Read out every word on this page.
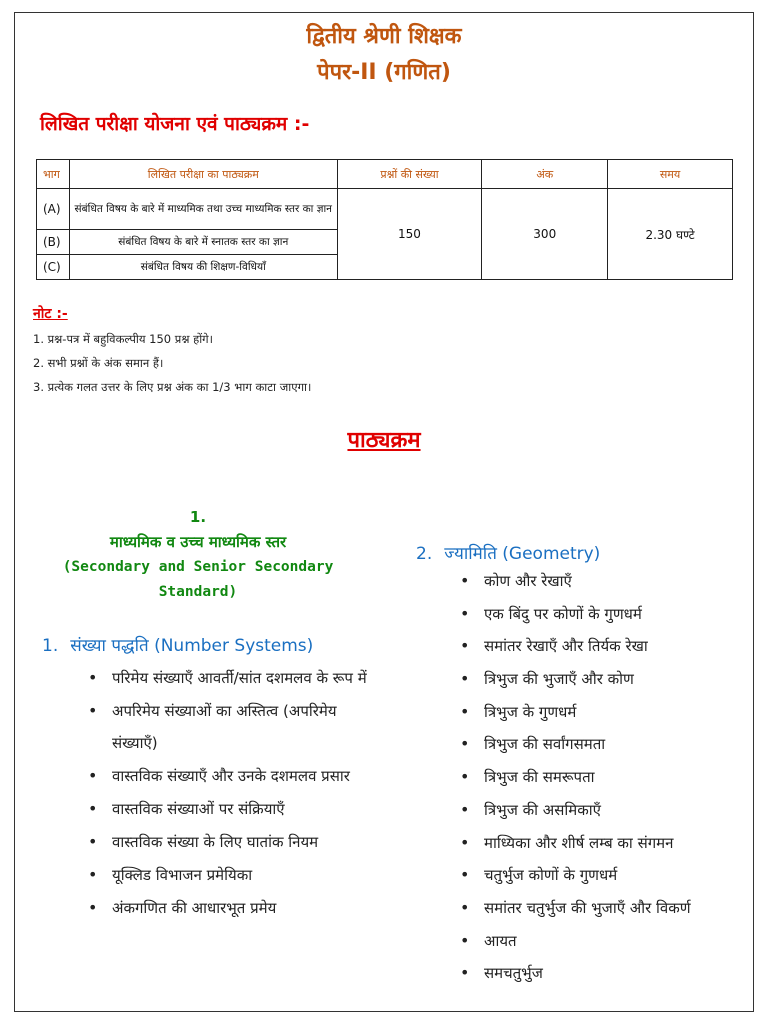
द्वितीय श्रेणी शिक्षक
पेपर-II (गणित)
लिखित परीक्षा योजना एवं पाठ्यक्रम :-
भाग	लिखित परीक्षा का पाठ्यक्रम	प्रश्नों की संख्या	अंक	समय
(A)	संबंधित विषय के बारे में माध्यमिक तथा उच्च माध्यमिक स्तर का ज्ञान	150	300	2.30 घण्टे
(B)	संबंधित विषय के बारे में स्नातक स्तर का ज्ञान			
(C)	संबंधित विषय की शिक्षण-विधियाँ			
नोट :-
1. प्रश्न-पत्र में बहुविकल्पीय 150 प्रश्न होंगे।
2. सभी प्रश्नों के अंक समान हैं।
3. प्रत्येक गलत उत्तर के लिए प्रश्न अंक का 1/3 भाग काटा जाएगा।
पाठ्यक्रम
1.
माध्यमिक व उच्च माध्यमिक स्तर
(Secondary and Senior Secondary
Standard)
1. संख्या पद्धति (Number Systems)
• परिमेय संख्याएँ आवर्ती/सांत दशमलव के रूप में
• अपरिमेय संख्याओं का अस्तित्व (अपरिमेय संख्याएँ)
• वास्तविक संख्याएँ और उनके दशमलव प्रसार
• वास्तविक संख्याओं पर संक्रियाएँ
• वास्तविक संख्या के लिए घातांक नियम
• यूक्लिड विभाजन प्रमेयिका
• अंकगणित की आधारभूत प्रमेय
2. ज्यामिति (Geometry)
• कोण और रेखाएँ
• एक बिंदु पर कोणों के गुणधर्म
• समांतर रेखाएँ और तिर्यक रेखा
• त्रिभुज की भुजाएँ और कोण
• त्रिभुज के गुणधर्म
• त्रिभुज की सर्वांगसमता
• त्रिभुज की समरूपता
• त्रिभुज की असमिकाएँ
• माध्यिका और शीर्ष लम्ब का संगमन
• चतुर्भुज कोणों के गुणधर्म
• समांतर चतुर्भुज की भुजाएँ और विकर्ण
• आयत
• समचतुर्भुज
